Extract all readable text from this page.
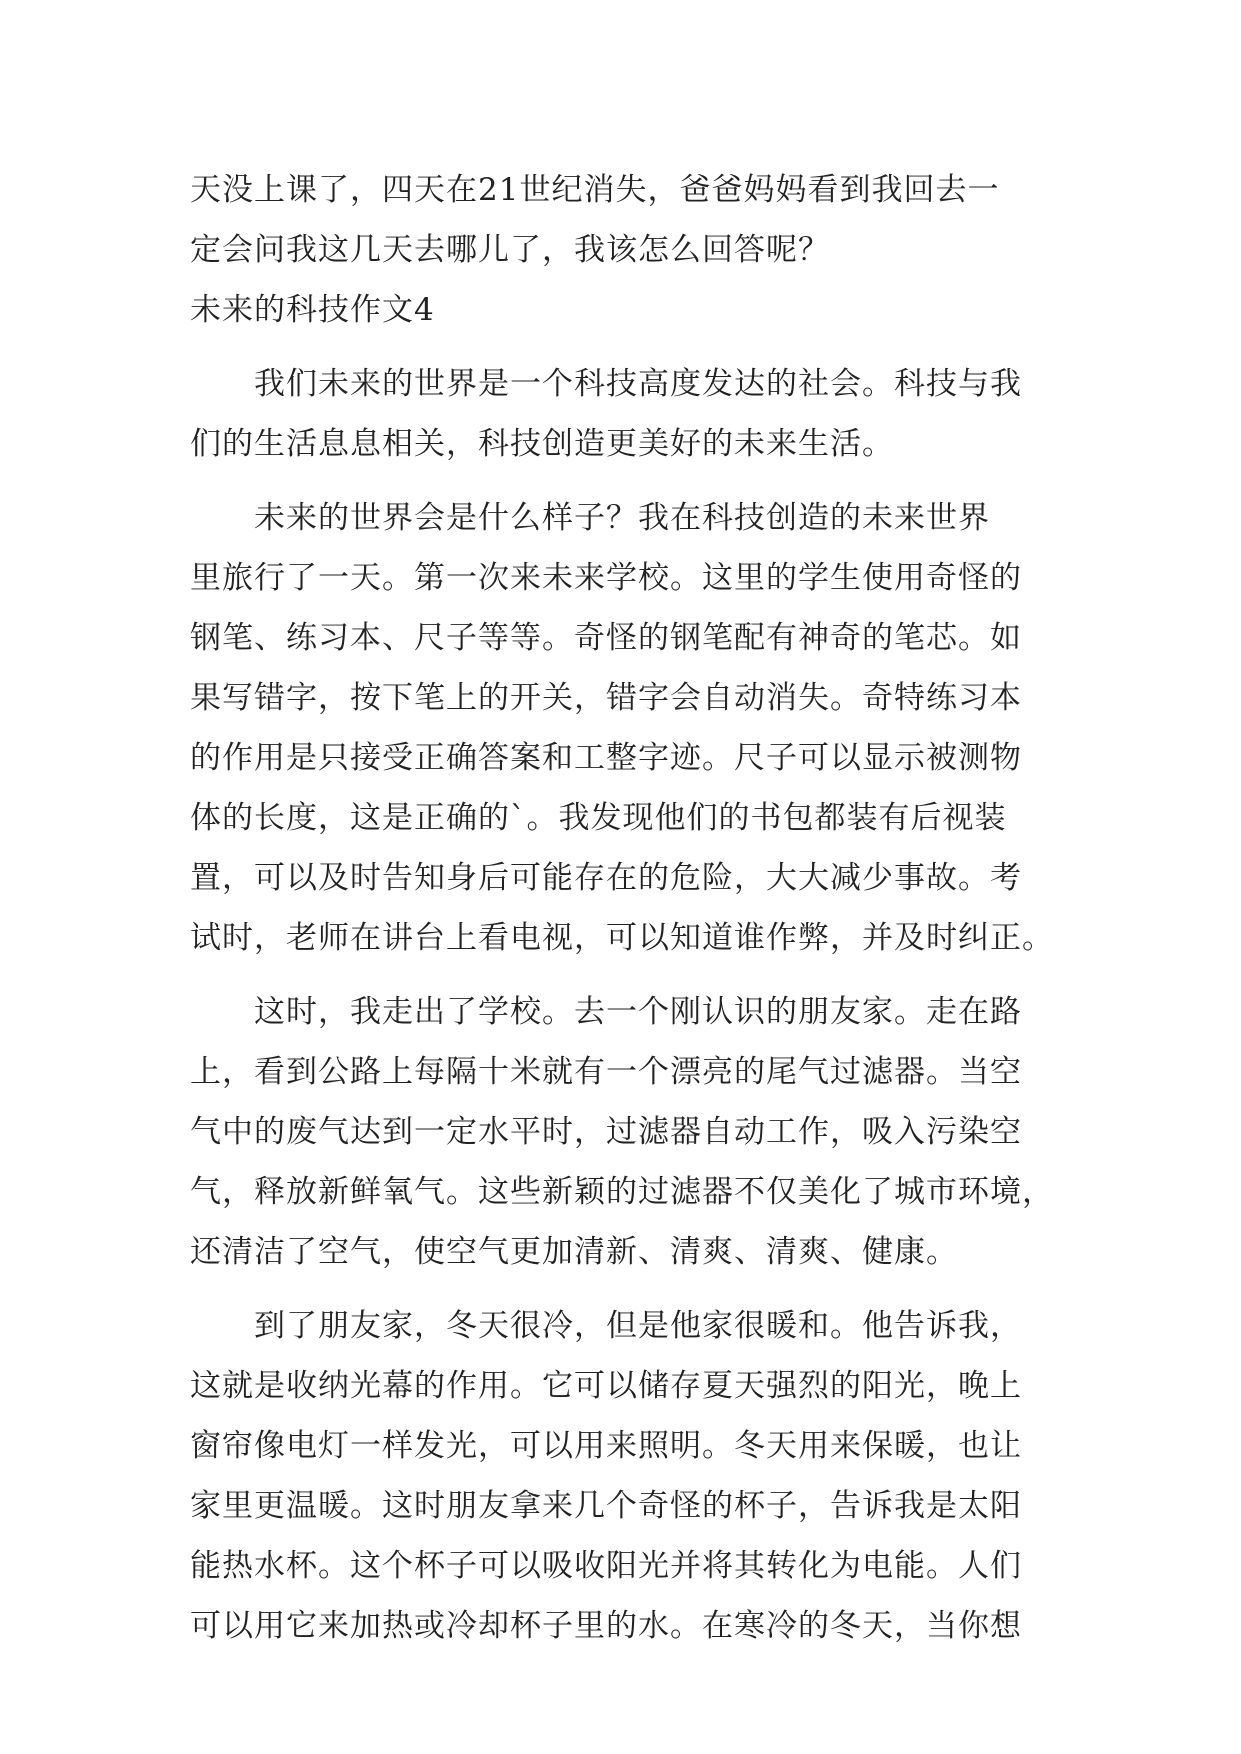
天没上课了，四天在21世纪消失，爸爸妈妈看到我回去一
定会问我这几天去哪儿了，我该怎么回答呢？
未来的科技作文4
我们未来的世界是一个科技高度发达的社会。科技与我
们的生活息息相关，科技创造更美好的未来生活。
未来的世界会是什么样子？我在科技创造的未来世界
里旅行了一天。第一次来未来学校。这里的学生使用奇怪的
钢笔、练习本、尺子等等。奇怪的钢笔配有神奇的笔芯。如
果写错字，按下笔上的开关，错字会自动消失。奇特练习本
的作用是只接受正确答案和工整字迹。尺子可以显示被测物
体的长度，这是正确的`。我发现他们的书包都装有后视装
置，可以及时告知身后可能存在的危险，大大减少事故。考
试时，老师在讲台上看电视，可以知道谁作弊，并及时纠正。
这时，我走出了学校。去一个刚认识的朋友家。走在路
上，看到公路上每隔十米就有一个漂亮的尾气过滤器。当空
气中的废气达到一定水平时，过滤器自动工作，吸入污染空
气，释放新鲜氧气。这些新颖的过滤器不仅美化了城市环境，
还清洁了空气，使空气更加清新、清爽、清爽、健康。
到了朋友家，冬天很冷，但是他家很暖和。他告诉我，
这就是收纳光幕的作用。它可以储存夏天强烈的阳光，晚上
窗帘像电灯一样发光，可以用来照明。冬天用来保暖，也让
家里更温暖。这时朋友拿来几个奇怪的杯子，告诉我是太阳
能热水杯。这个杯子可以吸收阳光并将其转化为电能。人们
可以用它来加热或冷却杯子里的水。在寒冷的冬天，当你想
